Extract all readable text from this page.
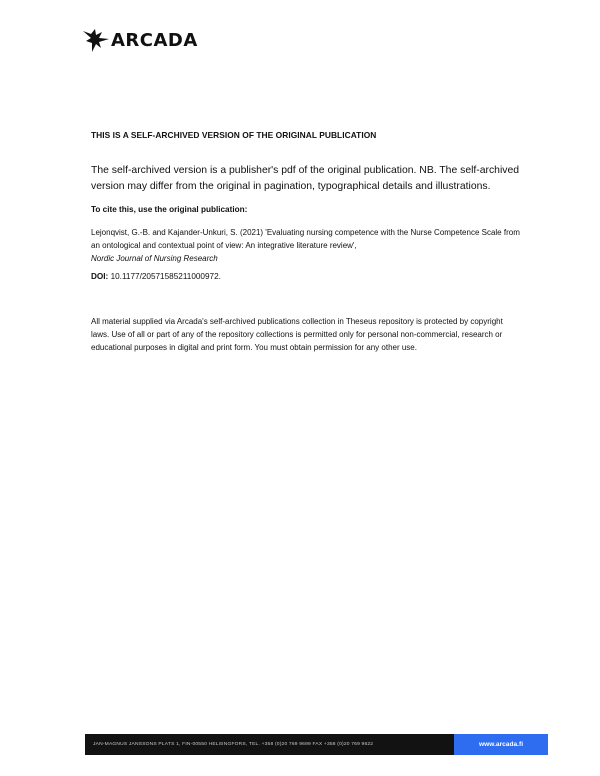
ARCADA

THIS IS A SELF-ARCHIVED VERSION OF THE ORIGINAL PUBLICATION

The self-archived version is a publisher's pdf of the original publication. NB. The self-archived version may differ from the original in pagination, typographical details and illustrations.

To cite this, use the original publication:

Lejonqvist, G.-B. and Kajander-Unkuri, S. (2021) 'Evaluating nursing competence with the Nurse Competence Scale from an ontological and contextual point of view: An integrative literature review',
Nordic Journal of Nursing Research

DOI: 10.1177/20571585211000972.

All material supplied via Arcada's self-archived publications collection in Theseus repository is protected by copyright laws. Use of all or part of any of the repository collections is permitted only for personal non-commercial, research or educational purposes in digital and print form. You must obtain permission for any other use.

JAN-MAGNUS JANSSONS PLATS 1, FIN-00550 HELSINGFORS, TEL. +358 (0)20 769 9699 FAX +358 (0)20 769 9622	www.arcada.fi
